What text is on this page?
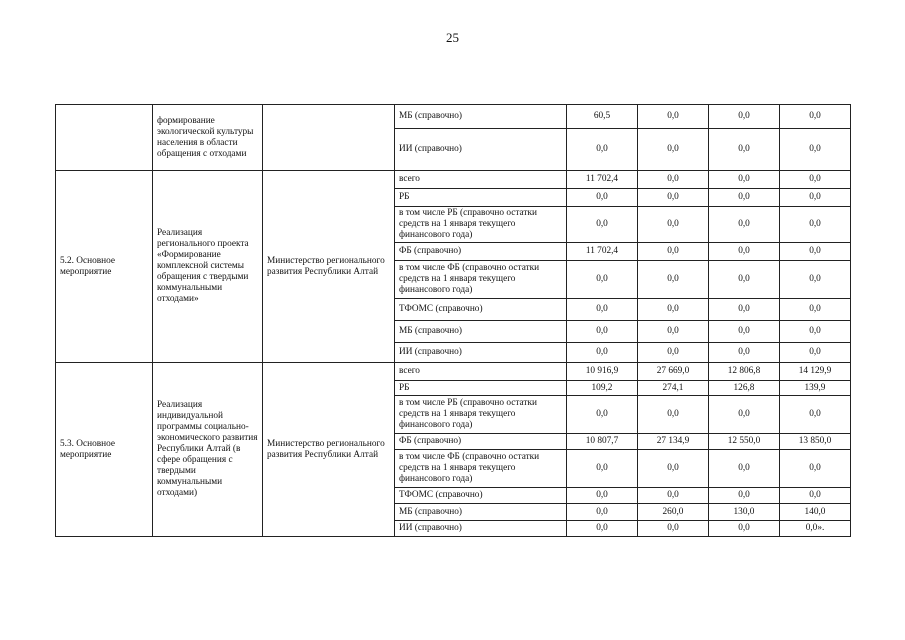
25
	формирование экологической культуры населения в области обращения с отходами		МБ (справочно)	60,5	0,0	0,0	0,0
			ИИ (справочно)	0,0	0,0	0,0	0,0
5.2. Основное мероприятие	Реализация регионального проекта «Формирование комплексной системы обращения с твердыми коммунальными отходами»	Министерство регионального развития Республики Алтай	всего	11 702,4	0,0	0,0	0,0
			РБ	0,0	0,0	0,0	0,0
			в том числе РБ (справочно остатки средств на 1 января текущего финансового года)	0,0	0,0	0,0	0,0
			ФБ (справочно)	11 702,4	0,0	0,0	0,0
			в том числе ФБ (справочно остатки средств на 1 января текущего финансового года)	0,0	0,0	0,0	0,0
			ТФОМС (справочно)	0,0	0,0	0,0	0,0
			МБ (справочно)	0,0	0,0	0,0	0,0
			ИИ (справочно)	0,0	0,0	0,0	0,0
5.3. Основное мероприятие	Реализация индивидуальной программы социально-экономического развития Республики Алтай (в сфере обращения с твердыми коммунальными отходами)	Министерство регионального развития Республики Алтай	всего	10 916,9	27 669,0	12 806,8	14 129,9
			РБ	109,2	274,1	126,8	139,9
			в том числе РБ (справочно остатки средств на 1 января текущего финансового года)	0,0	0,0	0,0	0,0
			ФБ (справочно)	10 807,7	27 134,9	12 550,0	13 850,0
			в том числе ФБ (справочно остатки средств на 1 января текущего финансового года)	0,0	0,0	0,0	0,0
			ТФОМС (справочно)	0,0	0,0	0,0	0,0
			МБ (справочно)	0,0	260,0	130,0	140,0
			ИИ (справочно)	0,0	0,0	0,0	0,0».
